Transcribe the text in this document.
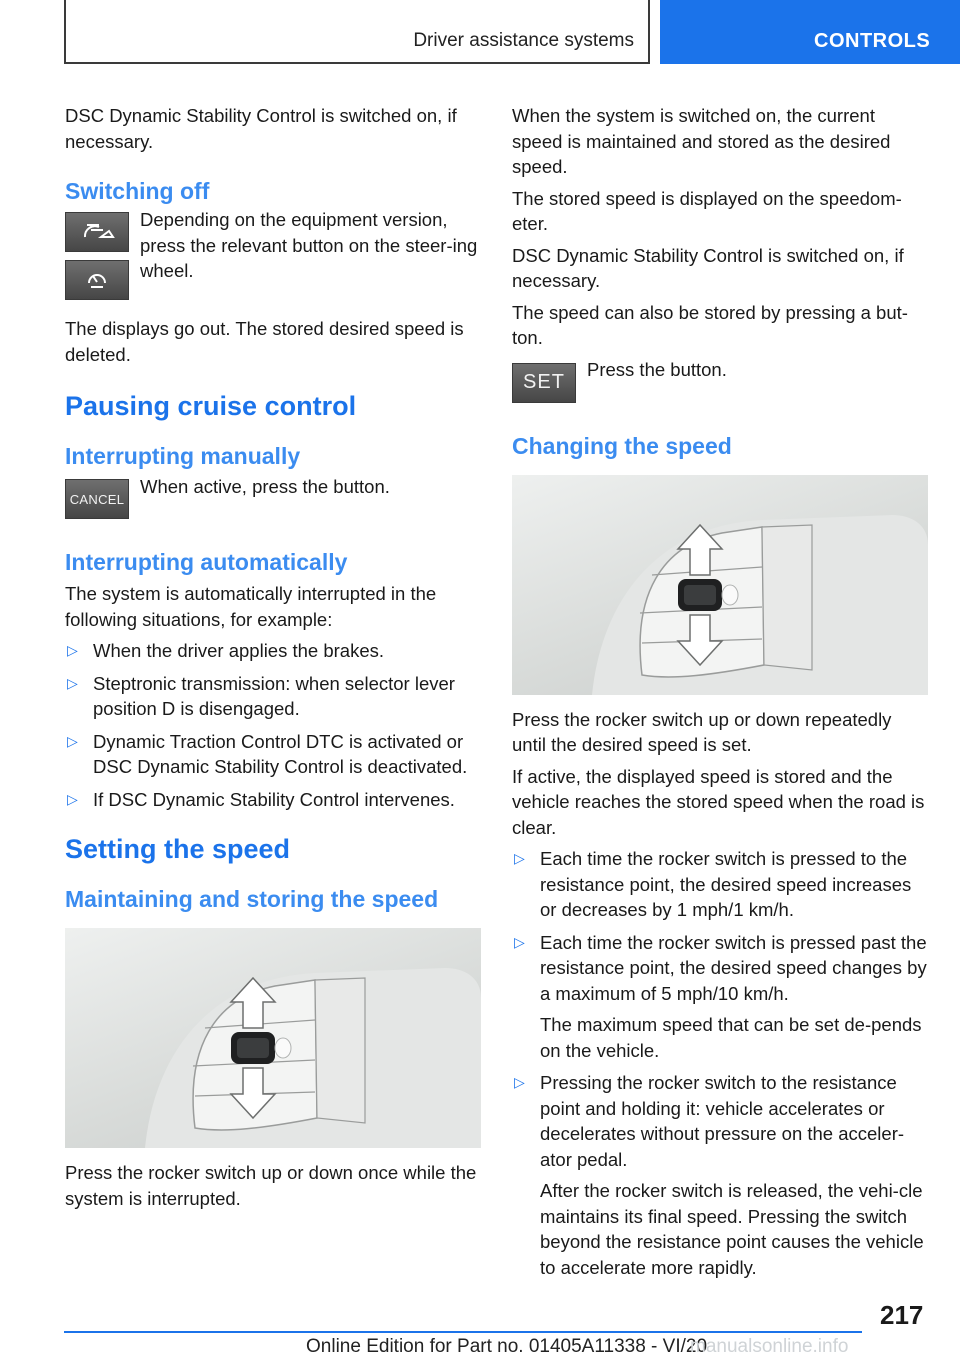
Driver assistance systems	CONTROLS

DSC Dynamic Stability Control is switched on, if necessary.

Switching off

Depending on the equipment version, press the relevant button on the steer-ing wheel.

The displays go out. The stored desired speed is deleted.

Pausing cruise control
Interrupting manually
CANCEL

When active, press the button.

Interrupting automatically

The system is automatically interrupted in the following situations, for example:

▷ When the driver applies the brakes.
▷ Steptronic transmission: when selector lever position D is disengaged.
▷ Dynamic Traction Control DTC is activated or DSC Dynamic Stability Control is deactivated.
▷ If DSC Dynamic Stability Control intervenes.
Setting the speed
Maintaining and storing the speed

Press the rocker switch up or down once while the system is interrupted.

When the system is switched on, the current speed is maintained and stored as the desired speed.

The stored speed is displayed on the speedom-eter.

DSC Dynamic Stability Control is switched on, if necessary.

The speed can also be stored by pressing a but-ton.

SET

Press the button.

Changing the speed

Press the rocker switch up or down repeatedly until the desired speed is set.

If active, the displayed speed is stored and the vehicle reaches the stored speed when the road is clear.

▷ Each time the rocker switch is pressed to the resistance point, the desired speed increases or decreases by 1 mph/1 km/h.
▷ Each time the rocker switch is pressed past the resistance point, the desired speed changes by a maximum of 5 mph/10 km/h.
The maximum speed that can be set de-pends on the vehicle.
▷ Pressing the rocker switch to the resistance point and holding it: vehicle accelerates or decelerates without pressure on the acceler-ator pedal.
After the rocker switch is released, the vehi-cle maintains its final speed. Pressing the switch beyond the resistance point causes the vehicle to accelerate more rapidly.
217
Online Edition for Part no. 01405A11338 - VI/20
manualsonline.info
